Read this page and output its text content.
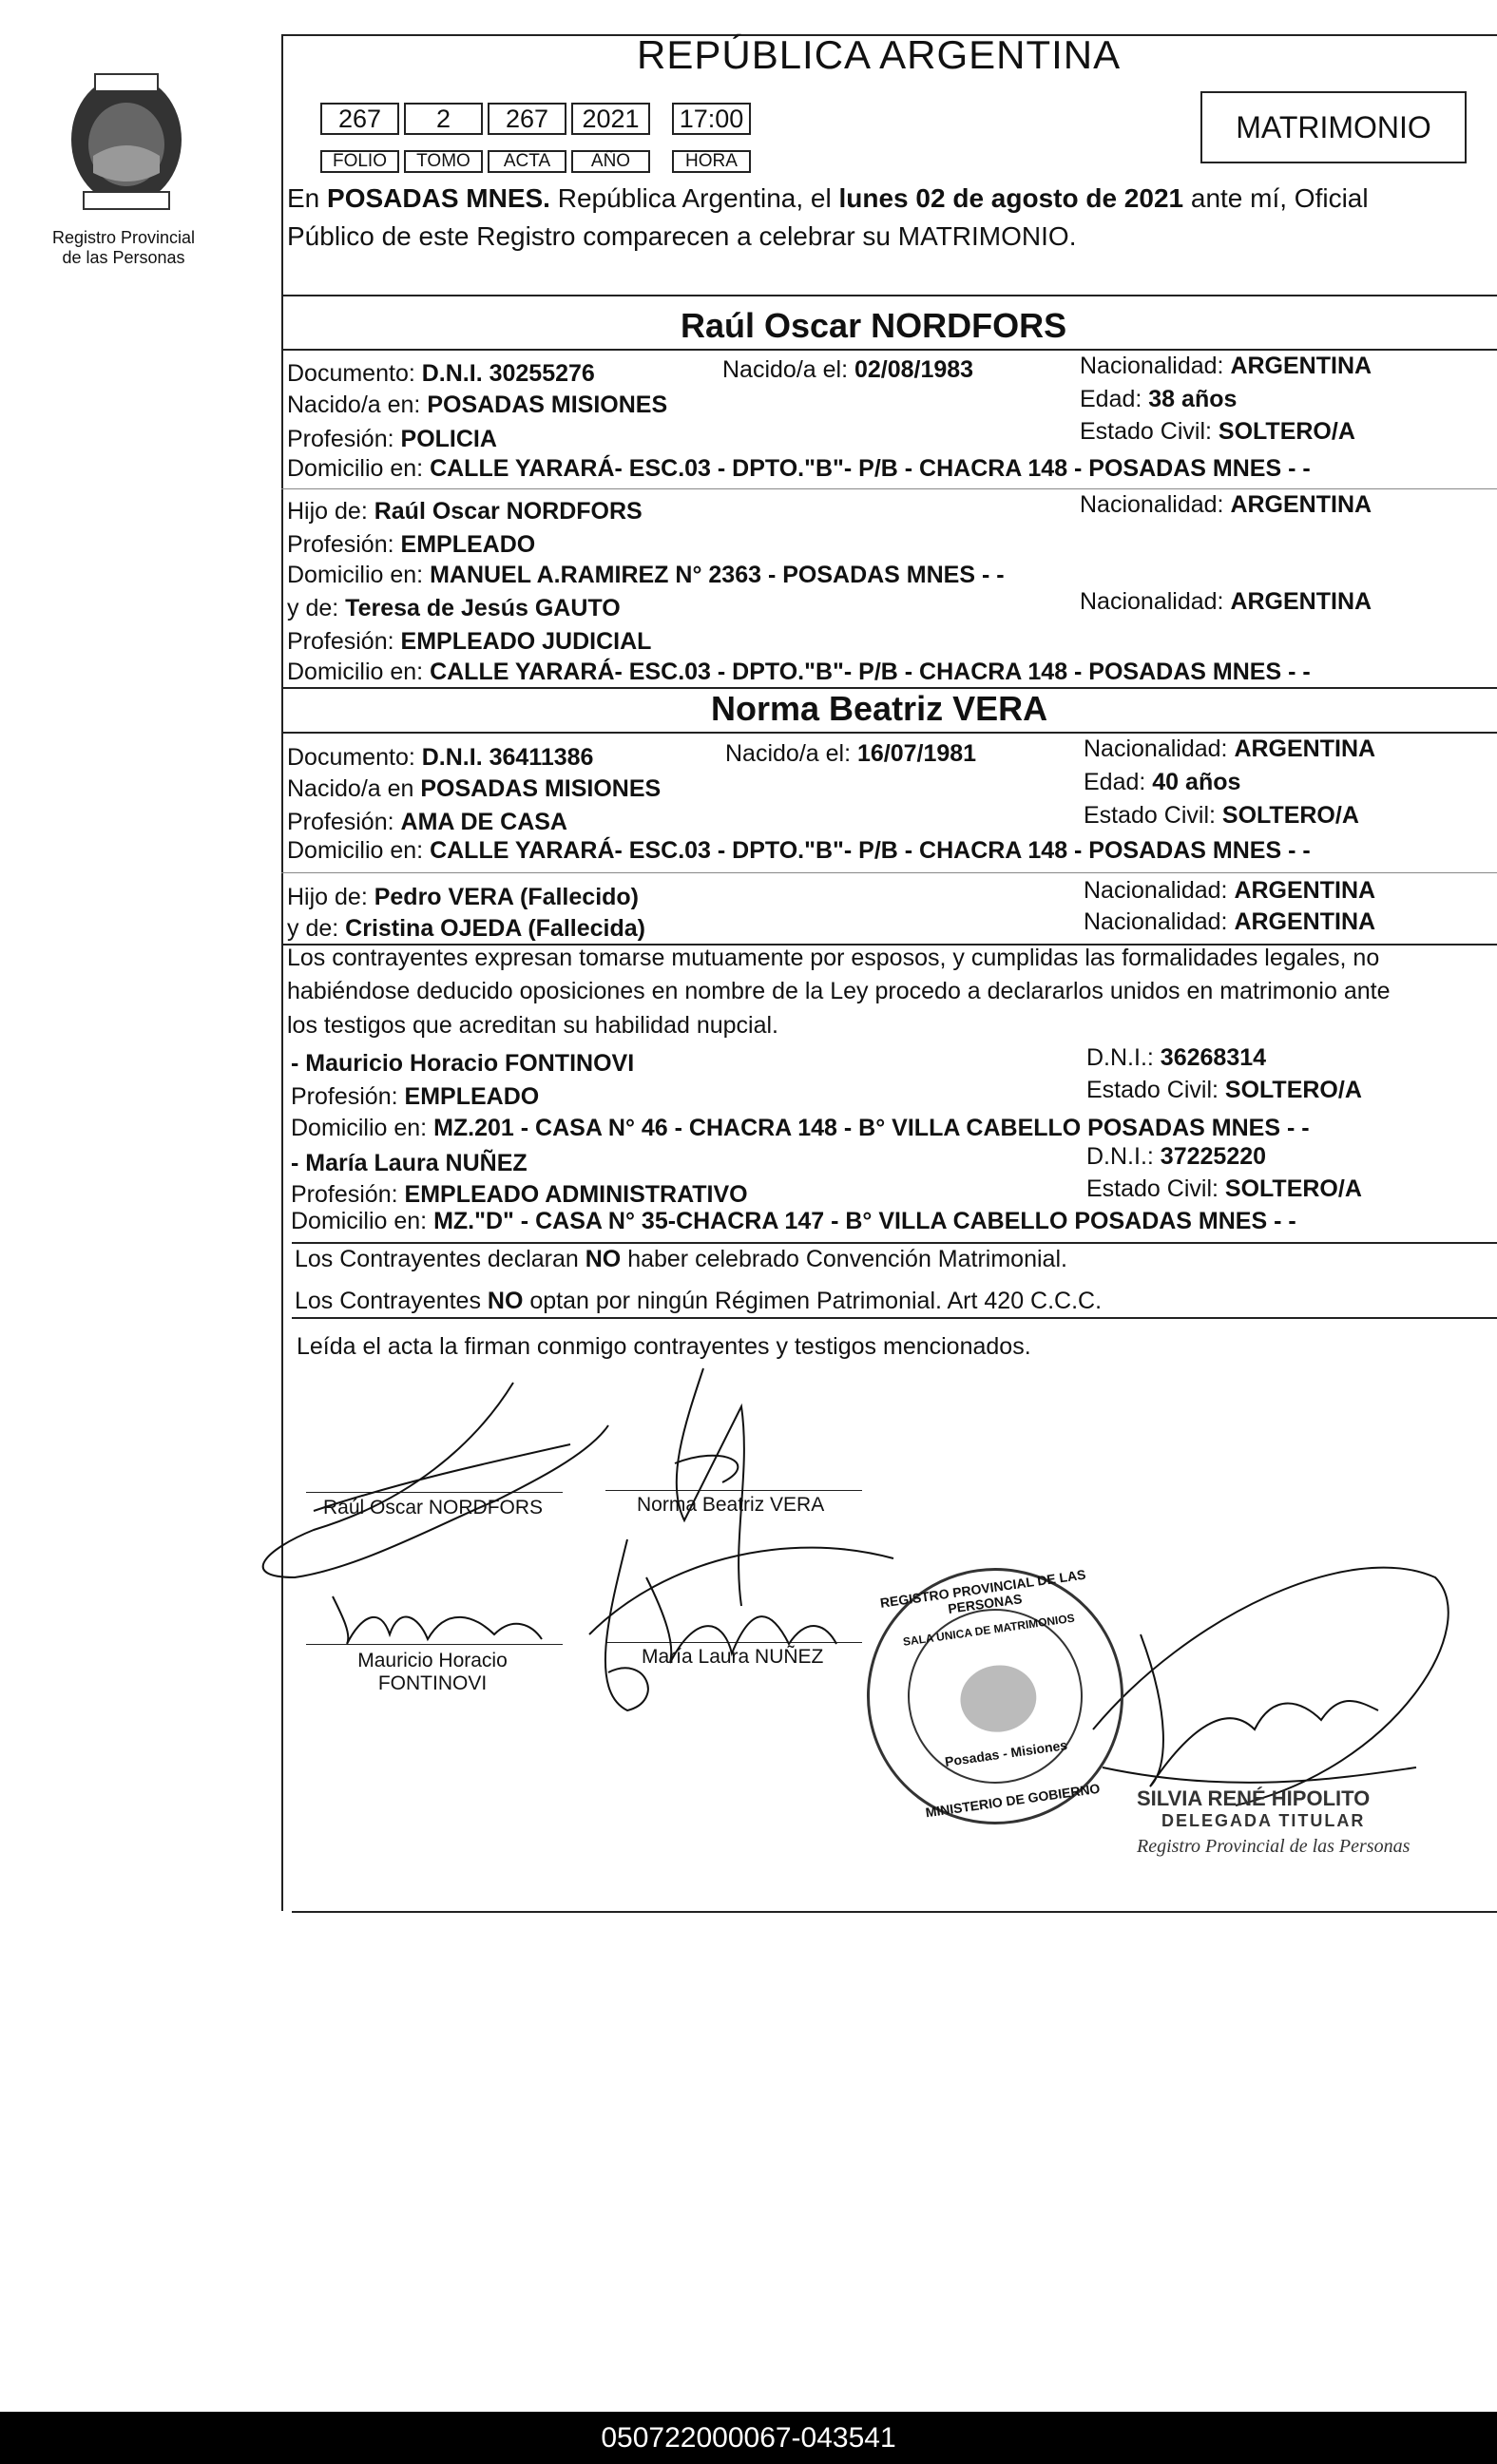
Registro Provincial
de las Personas
REPÚBLICA ARGENTINA
267	2	267	2021	17:00
FOLIO	TOMO	ACTA	AÑO	HORA
MATRIMONIO
En POSADAS MNES. República Argentina, el lunes 02 de agosto de 2021 ante mí, Oficial
Público de este Registro comparecen a celebrar su MATRIMONIO.
Raúl Oscar NORDFORS
Documento: D.N.I. 30255276	Nacido/a el: 02/08/1983	Nacionalidad: ARGENTINA
Nacido/a en: POSADAS MISIONES	Edad: 38 años
Profesión: POLICIA	Estado Civil: SOLTERO/A
Domicilio en: CALLE YARARÁ- ESC.03 - DPTO."B"- P/B - CHACRA 148 - POSADAS MNES - -
Hijo de: Raúl Oscar NORDFORS	Nacionalidad: ARGENTINA
Profesión: EMPLEADO
Domicilio en: MANUEL A.RAMIREZ N° 2363 - POSADAS MNES - -
y de: Teresa de Jesús GAUTO	Nacionalidad: ARGENTINA
Profesión: EMPLEADO JUDICIAL
Domicilio en: CALLE YARARÁ- ESC.03 - DPTO."B"- P/B - CHACRA 148 - POSADAS MNES - -
Norma Beatriz VERA
Documento: D.N.I. 36411386	Nacido/a el: 16/07/1981	Nacionalidad: ARGENTINA
Nacido/a en POSADAS MISIONES	Edad: 40 años
Profesión: AMA DE CASA	Estado Civil: SOLTERO/A
Domicilio en: CALLE YARARÁ- ESC.03 - DPTO."B"- P/B - CHACRA 148 - POSADAS MNES - -
Hijo de: Pedro VERA (Fallecido)	Nacionalidad: ARGENTINA
y de: Cristina OJEDA (Fallecida)	Nacionalidad: ARGENTINA
Los contrayentes expresan tomarse mutuamente por esposos, y cumplidas las formalidades legales, no
habiéndose deducido oposiciones en nombre de la Ley procedo a declararlos unidos en matrimonio ante
los testigos que acreditan su habilidad nupcial.
- Mauricio Horacio FONTINOVI	D.N.I.: 36268314
Profesión: EMPLEADO	Estado Civil: SOLTERO/A
Domicilio en: MZ.201 - CASA N° 46 - CHACRA 148 - B° VILLA CABELLO POSADAS MNES - -
- María Laura NUÑEZ	D.N.I.: 37225220
Profesión: EMPLEADO ADMINISTRATIVO	Estado Civil: SOLTERO/A
Domicilio en: MZ."D" - CASA N° 35-CHACRA 147 - B° VILLA CABELLO POSADAS MNES - -
Los Contrayentes declaran NO haber celebrado Convención Matrimonial.
Los Contrayentes NO optan por ningún Régimen Patrimonial. Art 420 C.C.C.
Leída el acta la firman conmigo contrayentes y testigos mencionados.
Raúl Oscar NORDFORS	Norma Beatriz VERA
Mauricio Horacio
FONTINOVI
María Laura NUÑEZ
REGISTRO PROVINCIAL DE LAS PERSONAS
SALA UNICA DE MATRIMONIOS
Posadas - Misiones
MINISTERIO DE GOBIERNO	SILVIA RENÉ HIPOLITO
DELEGADA TITULAR
Registro Provincial de las Personas
050722000067-043541
